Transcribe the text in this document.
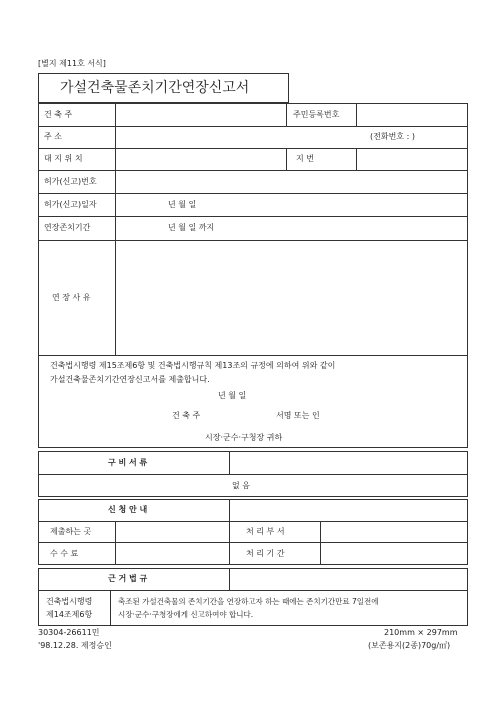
[별지 제11호 서식]
가설건축물존치기간연장신고서
건 축 주	주민등록번호
주 소	(전화번호 : )
대 지 위 치	지 번
허가(신고)번호
허가(신고)일자	년 월 일
연장존치기간	년 월 일 까지
연 장 사 유
건축법시행령 제15조제6항 및 건축법시행규칙 제13조의 규정에 의하여 위와 같이
가설건축물존치기간연장신고서를 제출합니다.
년 월 일
건 축 주	서명 또는 인
시장·군수·구청장 귀하
구 비 서 류
없 음
신 청 안 내
제출하는 곳	처 리 부 서
수 수 료	처 리 기 간
근 거 법 규
건축법시행령
제14조제6항
축조된 가설건축물의 존치기간을 연장하고자 하는 때에는 존치기간만료 7일전에
시장·군수·구청장에게 신고하여야 합니다.
30304-26611민
'98.12.28. 제정승인
210mm × 297mm
(보존용지(2종)70g/㎡)
